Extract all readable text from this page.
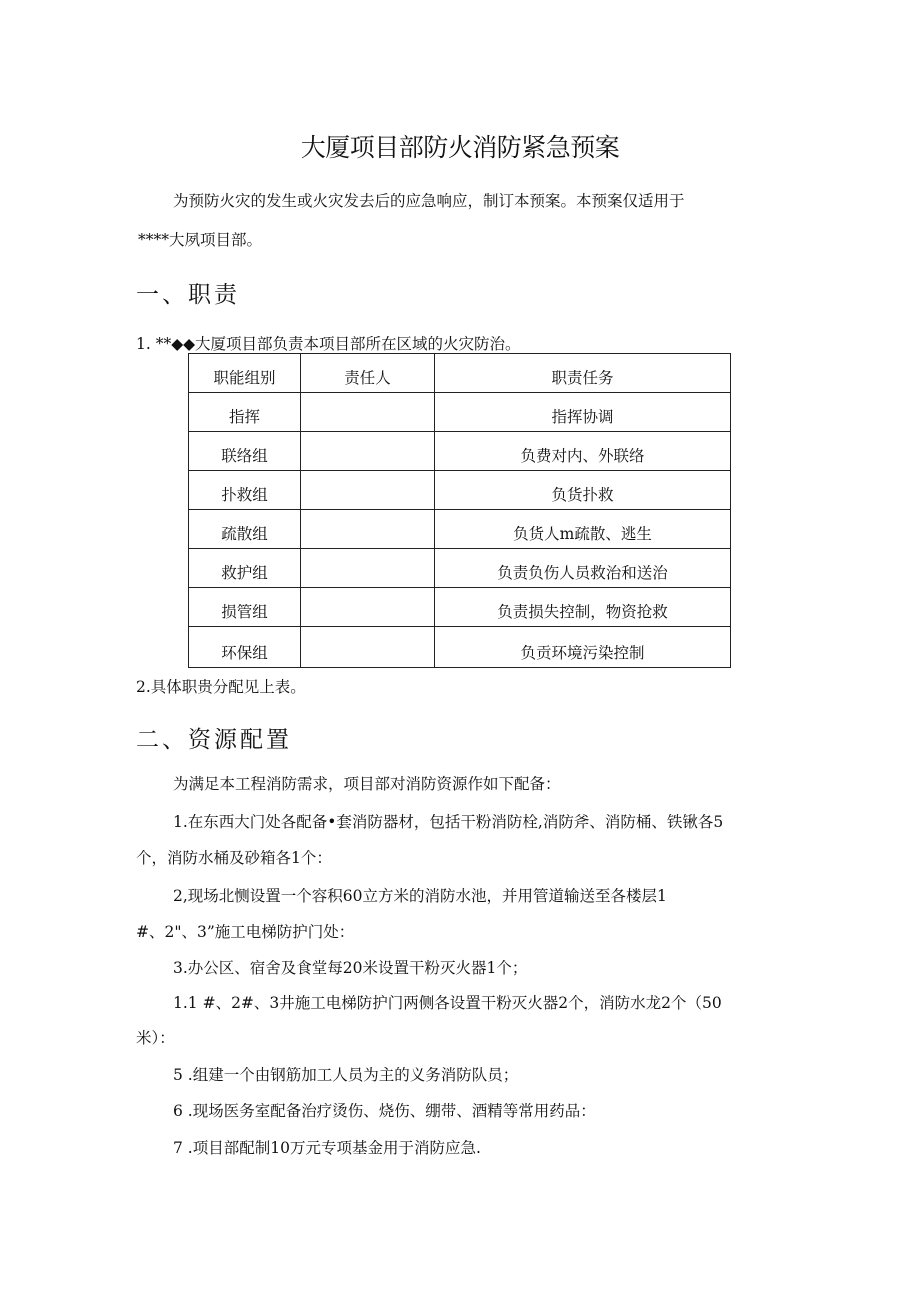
大厦项目部防火消防紧急预案
为预防火灾的发生或火灾发去后的应急响应，制订本预案。本预案仅适用于
****大夙项目部。
一、职责
1. **◆◆大厦项目部负责本项目部所在区域的火灾防治。
职能组别	责任人	职责任务
指挥		指挥协调
联络组		负费对内、外联络
扑救组		负货扑救
疏散组		负货人m疏散、逃生
救护组		负责负伤人员救治和送治
损管组		负责损失控制，物资抢救
环保组		负贡环境污染控制
2.具体职贵分配见上表。
二、资源配置
为满足本工程消防需求，项目部对消防资源作如下配备：
1.在东西大门处各配备•套消防器材，包括干粉消防栓,消防斧、消防桶、铁锹各5
个，消防水桶及砂箱各1个：
2,现场北恻设置一个容积60立方米的消防水池，并用管道输送至各楼层1
#、2"、3”施工电梯防护门处：
3.办公区、宿舍及食堂每20米设置干粉灭火器1个；
1.1 #、2#、3井施工电梯防护门两侧各设置干粉灭火器2个，消防水龙2个（50
米）：
5 .组建一个由钢筋加工人员为主的义务消防队员；
6 .现场医务室配备治疗烫伤、烧伤、绷带、酒精等常用药品：
7 .项目部配制10万元专项基金用于消防应急.
